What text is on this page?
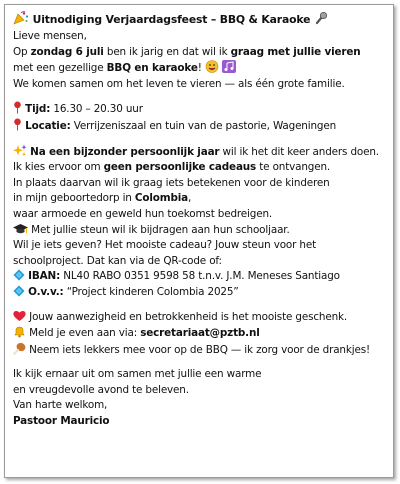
Uitnodiging Verjaardagsfeest – BBQ & Karaoke
Lieve mensen,
Op zondag 6 juli ben ik jarig en dat wil ik graag met jullie vieren
met een gezellige BBQ en karaoke!

We komen samen om het leven te vieren — als één grote familie.
Tijd: 16.30 – 20.30 uur
Locatie: Verrijzeniszaal en tuin van de pastorie, Wageningen
Na een bijzonder persoonlijk jaar wil ik het dit keer anders doen.
Ik kies ervoor om geen persoonlijke cadeaus te ontvangen.
In plaats daarvan wil ik graag iets betekenen voor de kinderen
in mijn geboortedorp in Colombia,
waar armoede en geweld hun toekomst bedreigen.
Met jullie steun wil ik bijdragen aan hun schooljaar.
Wil je iets geven? Het mooiste cadeau? Jouw steun voor het
schoolproject. Dat kan via de QR-code of:
IBAN: NL40 RABO 0351 9598 58 t.n.v. J.M. Meneses Santiago
O.v.v.: “Project kinderen Colombia 2025”
Jouw aanwezigheid en betrokkenheid is het mooiste geschenk.
Meld je even aan via: secretariaat@pztb.nl
Neem iets lekkers mee voor op de BBQ — ik zorg voor de drankjes!
Ik kijk ernaar uit om samen met jullie een warme
en vreugdevolle avond te beleven.
Van harte welkom,
Pastoor Mauricio
